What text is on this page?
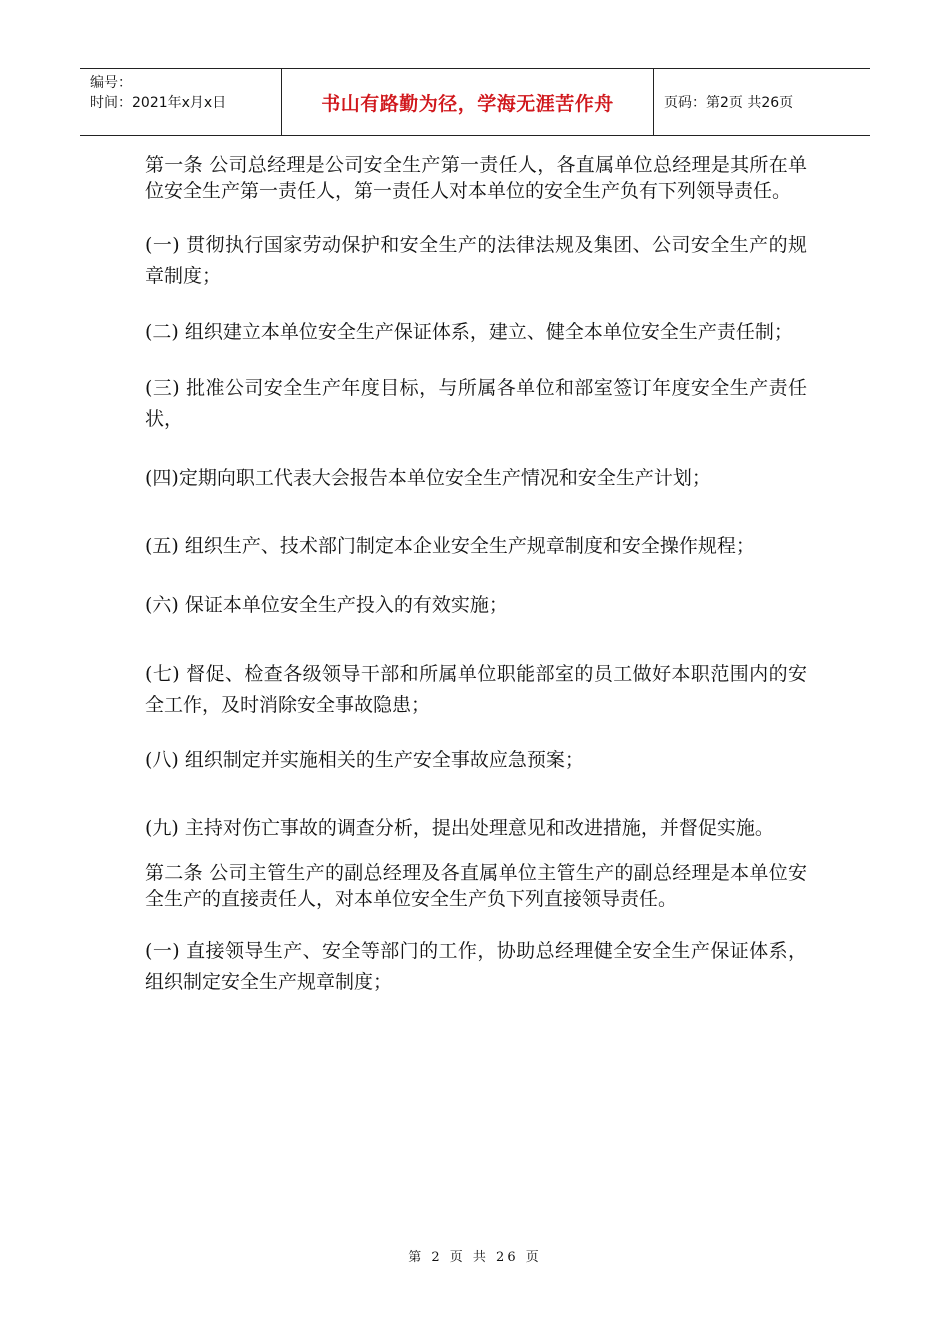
编号：
时间：2021年x月x日	书山有路勤为径，学海无涯苦作舟	页码：第2页 共26页

第一条 公司总经理是公司安全生产第一责任人，各直属单位总经理是其所在单位安全生产第一责任人，第一责任人对本单位的安全生产负有下列领导责任。

(一) 贯彻执行国家劳动保护和安全生产的法律法规及集团、公司安全生产的规章制度；

(二) 组织建立本单位安全生产保证体系，建立、健全本单位安全生产责任制；

(三) 批准公司安全生产年度目标，与所属各单位和部室签订年度安全生产责任状，

(四)定期向职工代表大会报告本单位安全生产情况和安全生产计划；

(五) 组织生产、技术部门制定本企业安全生产规章制度和安全操作规程；

(六) 保证本单位安全生产投入的有效实施；

(七) 督促、检查各级领导干部和所属单位职能部室的员工做好本职范围内的安全工作，及时消除安全事故隐患；

(八) 组织制定并实施相关的生产安全事故应急预案；

(九) 主持对伤亡事故的调查分析，提出处理意见和改进措施，并督促实施。

第二条 公司主管生产的副总经理及各直属单位主管生产的副总经理是本单位安全生产的直接责任人，对本单位安全生产负下列直接领导责任。

(一) 直接领导生产、安全等部门的工作，协助总经理健全安全生产保证体系，组织制定安全生产规章制度；

第 2 页 共 26 页
